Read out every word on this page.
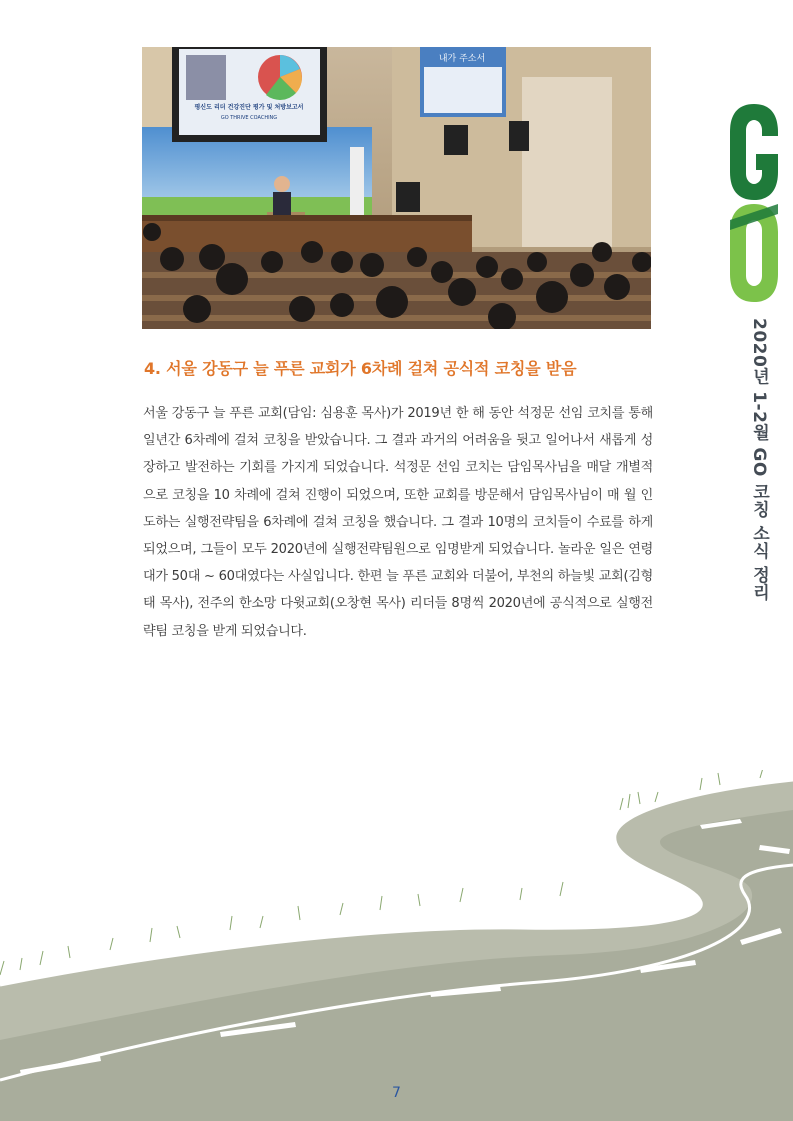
평신도 리더 건강진단 평가 및 처방보고서
GO THRIVE COACHING
내가 주소서
4. 서울 강동구 늘 푸른 교회가 6차례 걸쳐 공식적 코칭을 받음

서울 강동구 늘 푸른 교회(담임: 심용훈 목사)가 2019년 한 해 동안 석정문 선임 코치를 통해 일년간 6차례에 걸쳐 코칭을 받았습니다. 그 결과 과거의 어려움을 뒷고 일어나서 새롭게 성장하고 발전하는 기회를 가지게 되었습니다. 석정문 선임 코치는 담임목사님을 매달 개별적으로 코칭을 10 차례에 걸쳐 진행이 되었으며, 또한 교회를 방문해서 담임목사님이 매 월 인도하는 실행전략팀을 6차례에 걸쳐 코칭을 했습니다. 그 결과 10명의 코치들이 수료를 하게 되었으며, 그들이 모두 2020년에 실행전략팀원으로 임명받게 되었습니다. 놀라운 일은 연령대가 50대 ~ 60대였다는 사실입니다. 한편 늘 푸른 교회와 더불어, 부천의 하늘빛 교회(김형태 목사), 전주의 한소망 다윗교회(오창현 목사) 리더들 8명씩 2020년에 공식적으로 실행전략팀 코칭을 받게 되었습니다.

2020년 1-2월 GO 코칭 소식 정리
7
